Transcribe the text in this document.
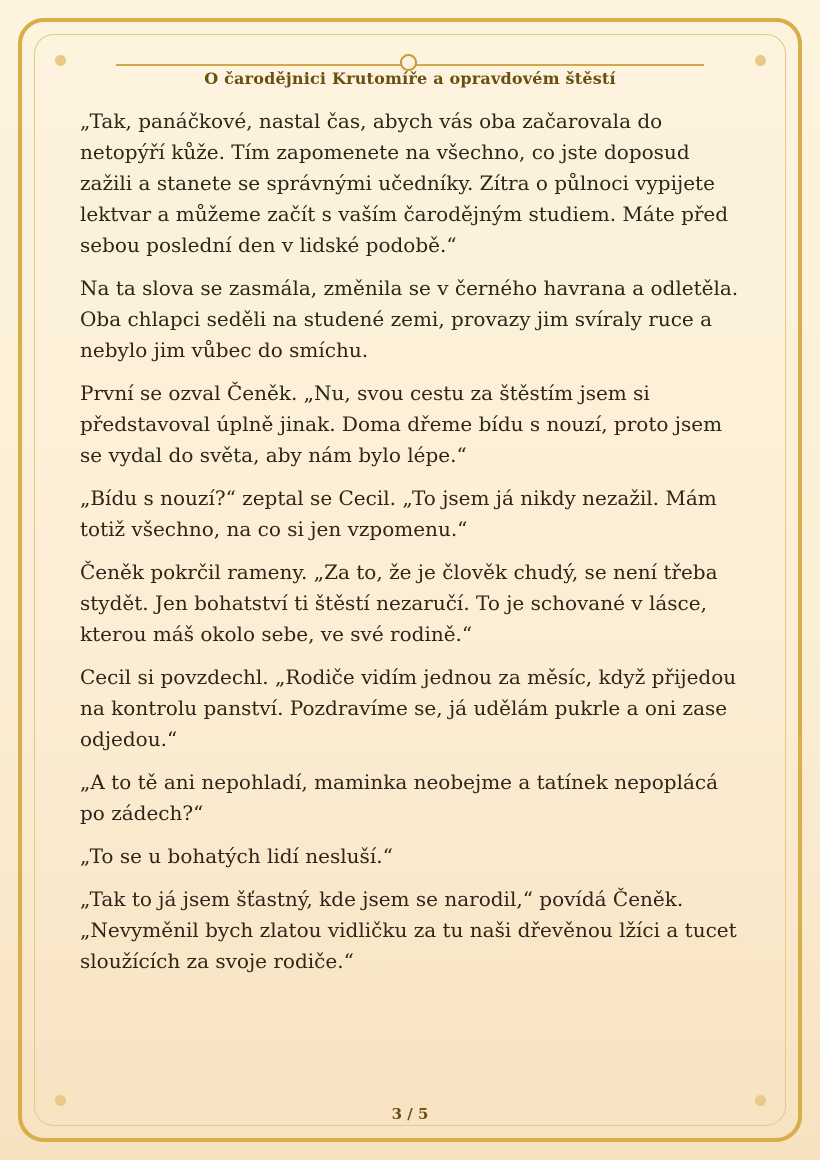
O čarodějnici Krutomíře a opravdovém štěstí

„Tak, panáčkové, nastal čas, abych vás oba začarovala do netopýří kůže. Tím zapomenete na všechno, co jste doposud zažili a stanete se správnými učedníky. Zítra o půlnoci vypijete lektvar a můžeme začít s vaším čarodějným studiem. Máte před sebou poslední den v lidské podobě.“

Na ta slova se zasmála, změnila se v černého havrana a odletěla. Oba chlapci seděli na studené zemi, provazy jim svíraly ruce a nebylo jim vůbec do smíchu.

První se ozval Čeněk. „Nu, svou cestu za štěstím jsem si představoval úplně jinak. Doma dřeme bídu s nouzí, proto jsem se vydal do světa, aby nám bylo lépe.“

„Bídu s nouzí?“ zeptal se Cecil. „To jsem já nikdy nezažil. Mám totiž všechno, na co si jen vzpomenu.“

Čeněk pokrčil rameny. „Za to, že je člověk chudý, se není třeba stydět. Jen bohatství ti štěstí nezaručí. To je schované v lásce, kterou máš okolo sebe, ve své rodině.“

Cecil si povzdechl. „Rodiče vidím jednou za měsíc, když přijedou na kontrolu panství. Pozdravíme se, já udělám pukrle a oni zase odjedou.“

„A to tě ani nepohladí, maminka neobejme a tatínek nepoplácá po zádech?“

„To se u bohatých lidí nesluší.“

„Tak to já jsem šťastný, kde jsem se narodil,“ povídá Čeněk. „Nevyměnil bych zlatou vidličku za tu naši dřevěnou lžíci a tucet sloužících za svoje rodiče.“

3 / 5
